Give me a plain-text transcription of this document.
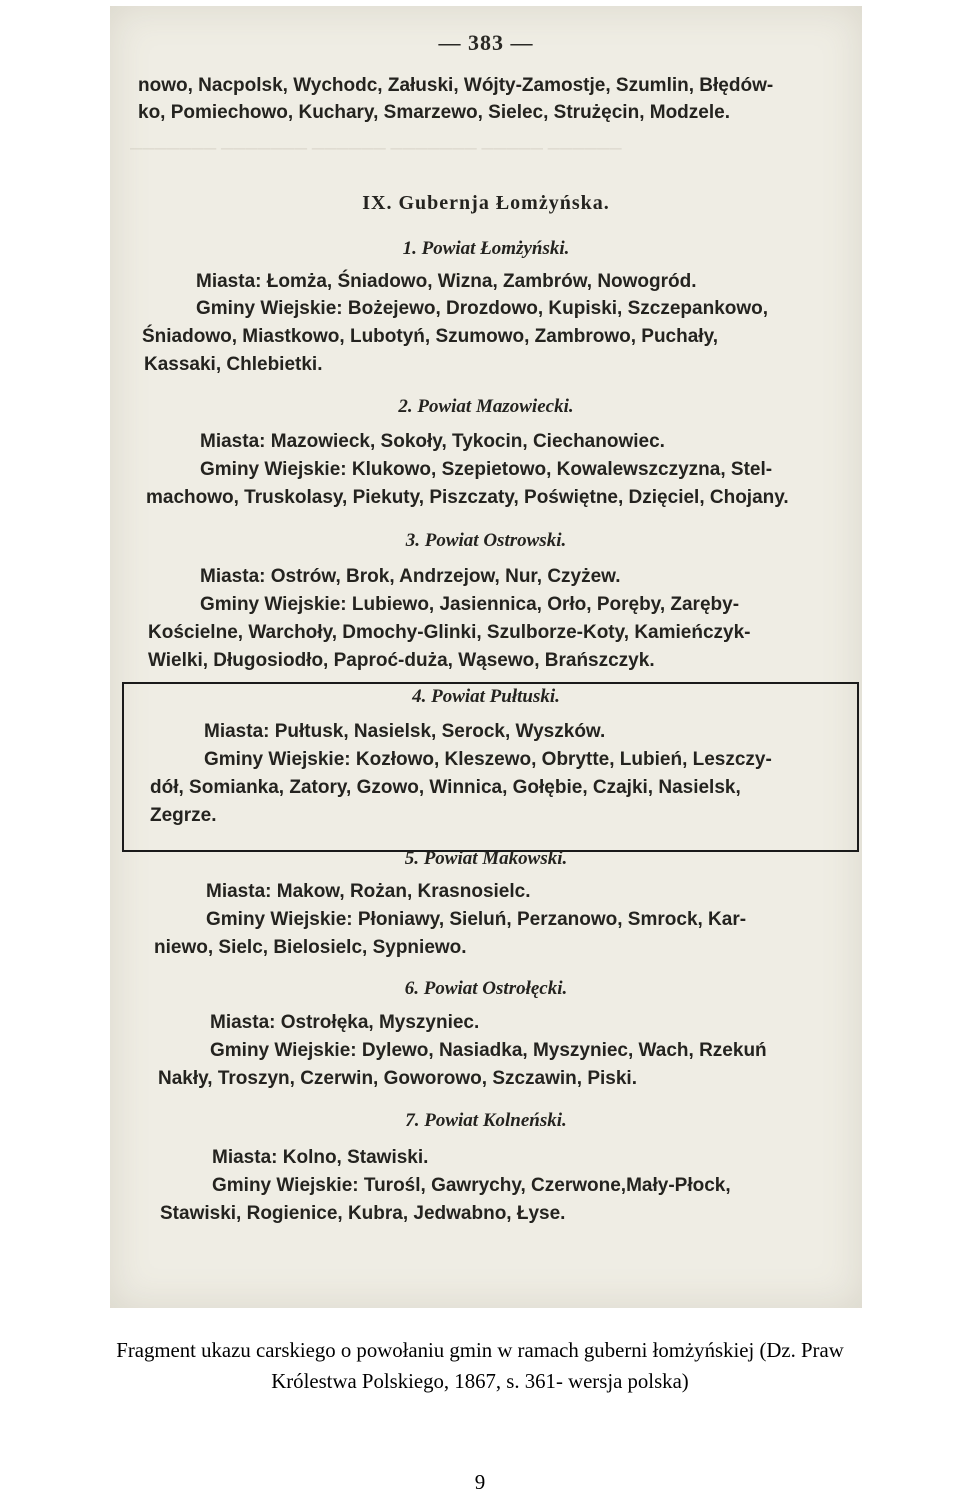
─────── ─────── ────── ─────── ───── ──────
— 383 —
nowo, Nacpolsk, Wychodc, Załuski, Wójty-Zamostje, Szumlin, Błędów-
ko, Pomiechowo, Kuchary, Smarzewo, Sielec, Strużęcin, Modzele.
IX. Gubernja Łomżyńska.
1. Powiat Łomżyński.
Miasta: Łomża, Śniadowo, Wizna, Zambrów, Nowogród.
Gminy Wiejskie: Bożejewo, Drozdowo, Kupiski, Szczepankowo,
Śniadowo, Miastkowo, Lubotyń, Szumowo, Zambrowo, Puchały,
Kassaki, Chlebietki.
2. Powiat Mazowiecki.
Miasta: Mazowieck, Sokoły, Tykocin, Ciechanowiec.
Gminy Wiejskie: Klukowo, Szepietowo, Kowalewszczyzna, Stel-
machowo, Truskolasy, Piekuty, Piszczaty, Poświętne, Dzięciel, Chojany.
3. Powiat Ostrowski.
Miasta: Ostrów, Brok, Andrzejow, Nur, Czyżew.
Gminy Wiejskie: Lubiewo, Jasiennica, Orło, Poręby, Zaręby-
Kościelne, Warchoły, Dmochy-Glinki, Szulborze-Koty, Kamieńczyk-
Wielki, Długosiodło, Paproć-duża, Wąsewo, Brańszczyk.
4. Powiat Pułtuski.
Miasta: Pułtusk, Nasielsk, Serock, Wyszków.
Gminy Wiejskie: Kozłowo, Kleszewo, Obrytte, Lubień, Leszczy-
dół, Somianka, Zatory, Gzowo, Winnica, Gołębie, Czajki, Nasielsk,
Zegrze.
5. Powiat Makowski.
Miasta: Makow, Rożan, Krasnosielc.
Gminy Wiejskie: Płoniawy, Sieluń, Perzanowo, Smrock, Kar-
niewo, Sielc, Bielosielc, Sypniewo.
6. Powiat Ostrołęcki.
Miasta: Ostrołęka, Myszyniec.
Gminy Wiejskie: Dylewo, Nasiadka, Myszyniec, Wach, Rzekuń
Nakły, Troszyn, Czerwin, Goworowo, Szczawin, Piski.
7. Powiat Kolneński.
Miasta: Kolno, Stawiski.
Gminy Wiejskie: Turośl, Gawrychy, Czerwone,Mały-Płock,
Stawiski, Rogienice, Kubra, Jedwabno, Łyse.
Fragment ukazu carskiego o powołaniu gmin w ramach guberni łomżyńskiej (Dz. Praw
Królestwa Polskiego, 1867, s. 361- wersja polska)
9
